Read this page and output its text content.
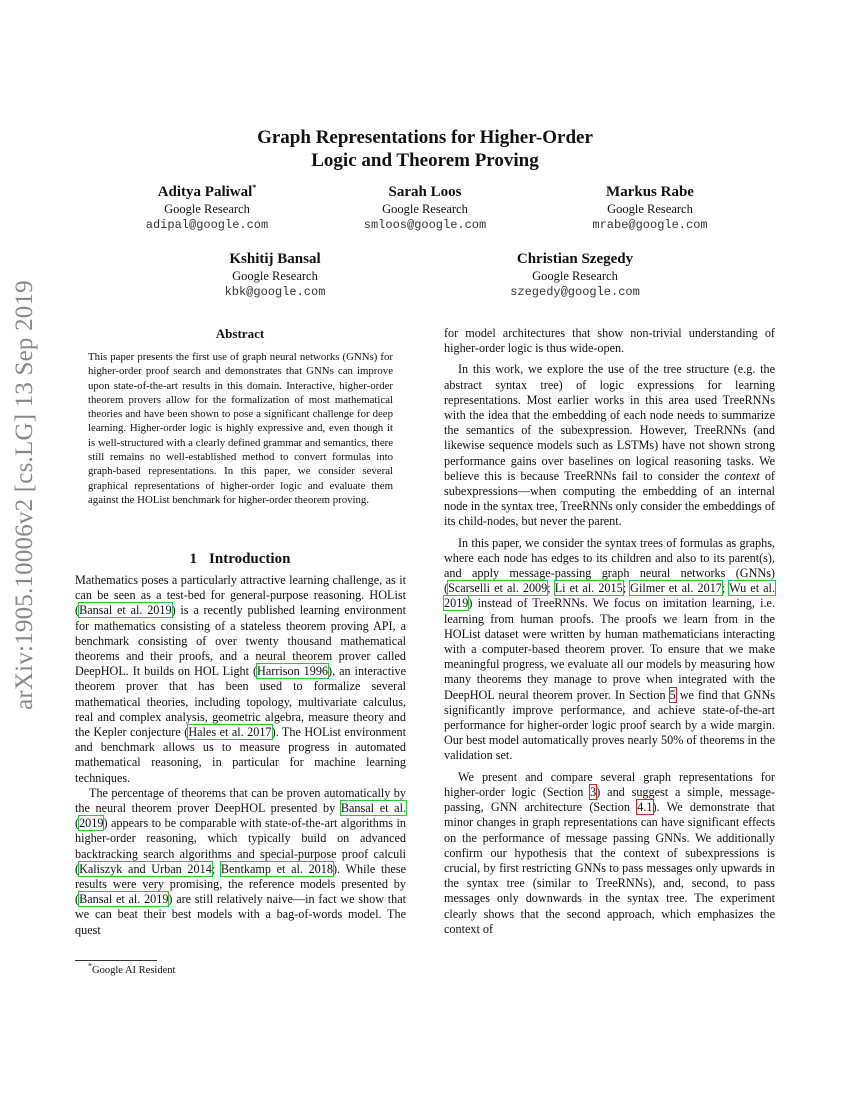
arXiv:1905.10006v2 [cs.LG] 13 Sep 2019
Graph Representations for Higher-Order
Logic and Theorem Proving
Aditya Paliwal*
Google Research
adipal@google.com
Sarah Loos
Google Research
smloos@google.com
Markus Rabe
Google Research
mrabe@google.com
Kshitij Bansal
Google Research
kbk@google.com
Christian Szegedy
Google Research
szegedy@google.com
Abstract
This paper presents the first use of graph neural networks (GNNs) for higher-order proof search and demonstrates that GNNs can improve upon state-of-the-art results in this domain. Interactive, higher-order theorem provers allow for the formalization of most mathematical theories and have been shown to pose a significant challenge for deep learning. Higher-order logic is highly expressive and, even though it is well-structured with a clearly defined grammar and semantics, there still remains no well-established method to convert formulas into graph-based representations. In this paper, we consider several graphical representations of higher-order logic and evaluate them against the HOList benchmark for higher-order theorem proving.
1 Introduction

Mathematics poses a particularly attractive learning challenge, as it can be seen as a test-bed for general-purpose reasoning. HOList (Bansal et al. 2019) is a recently published learning environment for mathematics consisting of a stateless theorem proving API, a benchmark consisting of over twenty thousand mathematical theorems and their proofs, and a neural theorem prover called DeepHOL. It builds on HOL Light (Harrison 1996), an interactive theorem prover that has been used to formalize several mathematical theories, including topology, multivariate calculus, real and complex analysis, geometric algebra, measure theory and the Kepler conjecture (Hales et al. 2017). The HOList environment and benchmark allows us to measure progress in automated mathematical reasoning, in particular for machine learning techniques.

The percentage of theorems that can be proven automatically by the neural theorem prover DeepHOL presented by Bansal et al. (2019) appears to be comparable with state-of-the-art algorithms in higher-order reasoning, which typically build on advanced backtracking search algorithms and special-purpose proof calculi (Kaliszyk and Urban 2014; Bentkamp et al. 2018). While these results were very promising, the reference models presented by (Bansal et al. 2019) are still relatively naive—in fact we show that we can beat their best models with a bag-of-words model. The quest

for model architectures that show non-trivial understanding of higher-order logic is thus wide-open.

In this work, we explore the use of the tree structure (e.g. the abstract syntax tree) of logic expressions for learning representations. Most earlier works in this area used TreeRNNs with the idea that the embedding of each node needs to summarize the semantics of the subexpression. However, TreeRNNs (and likewise sequence models such as LSTMs) have not shown strong performance gains over baselines on logical reasoning tasks. We believe this is because TreeRNNs fail to consider the context of subexpressions—when computing the embedding of an internal node in the syntax tree, TreeRNNs only consider the embeddings of its child-nodes, but never the parent.

In this paper, we consider the syntax trees of formulas as graphs, where each node has edges to its children and also to its parent(s), and apply message-passing graph neural networks (GNNs) (Scarselli et al. 2009; Li et al. 2015; Gilmer et al. 2017; Wu et al. 2019) instead of TreeRNNs. We focus on imitation learning, i.e. learning from human proofs. The proofs we learn from in the HOList dataset were written by human mathematicians interacting with a computer-based theorem prover. To ensure that we make meaningful progress, we evaluate all our models by measuring how many theorems they manage to prove when integrated with the DeepHOL neural theorem prover. In Section 5 we find that GNNs significantly improve performance, and achieve state-of-the-art performance for higher-order logic proof search by a wide margin. Our best model automatically proves nearly 50% of theorems in the validation set.

We present and compare several graph representations for higher-order logic (Section 3) and suggest a simple, message-passing, GNN architecture (Section 4.1). We demonstrate that minor changes in graph representations can have significant effects on the performance of message passing GNNs. We additionally confirm our hypothesis that the context of subexpressions is crucial, by first restricting GNNs to pass messages only upwards in the syntax tree (similar to TreeRNNs), and, second, to pass messages only downwards in the syntax tree. The experiment clearly shows that the second approach, which emphasizes the context of

*Google AI Resident
